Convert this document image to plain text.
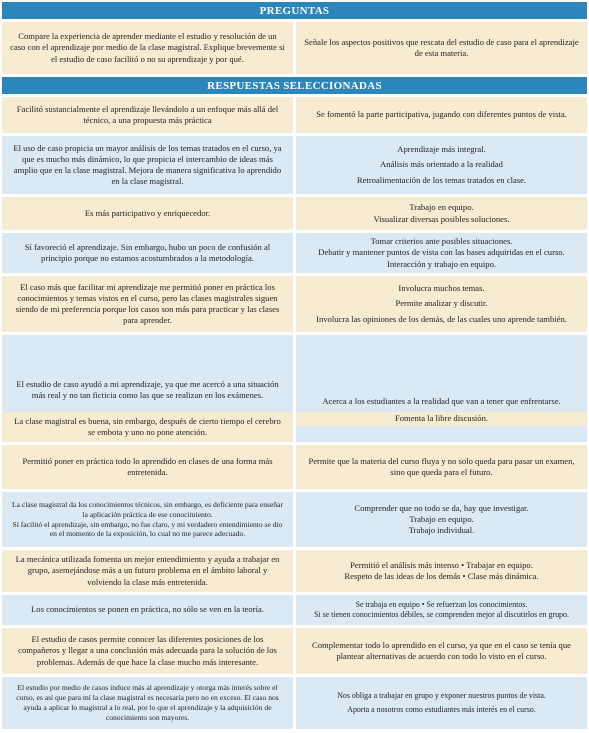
PREGUNTAS

Compare la experiencia de aprender mediante el estudio y resolución de un caso con el aprendizaje por medio de la clase magistral. Explique brevemente si el estudio de caso facilitó o no su aprendizaje y por qué.

Señale los aspectos positivos que rescata del estudio de caso para el aprendizaje de esta materia.

RESPUESTAS SELECCIONADAS

Facilitó sustancialmente el aprendizaje llevándolo a un enfoque más allá del técnico, a una propuesta más práctica

Se fomentó la parte participativa, jugando con diferentes puntos de vista.

El uso de caso propicia un mayor análisis de los temas tratados en el curso, ya que es mucho más dinámico, lo que propicia el intercambio de ideas más amplio que en la clase magistral. Mejora de manera significativa lo aprendido en la clase magistral.

Aprendizaje más integral.

Análisis más orientado a la realidad

Retroalimentación de los temas tratados en clase.

Es más participativo y enriquecedor.

Trabajo en equipo.

Visualizar diversas posibles soluciones.

Sí favoreció el aprendizaje. Sin embargo, hubo un poco de confusión al principio porque no estamos acostumbrados a la metodología.

Tomar criterios ante posibles situaciones.

Debatir y mantener puntos de vista con las bases adquiridas en el curso.

Interacción y trabajo en equipo.

El caso más que facilitar mi aprendizaje me permitió poner en práctica los conocimientos y temas vistos en el curso, pero las clases magistrales siguen siendo de mi preferencia porque los casos son más para practicar y las clases para aprender.

Involucra muchos temas.

Permite analizar y discutir.

Involucra las opiniones de los demás, de las cuales uno aprende también.

El estudio de caso ayudó a mi aprendizaje, ya que me acercó a una situación más real y no tan ficticia como las que se realizan en los exámenes.
La clase magistral es buena, sin embargo, después de cierto tiempo el cerebro se embota y uno no pone atención.
Acerca a los estudiantes a la realidad que van a tener que enfrentarse.
Fomenta la libre discusión.

Permitió poner en práctica todo lo aprendido en clases de una forma más entretenida.

Permite que la materia del curso fluya y no solo queda para pasar un examen, sino que queda para el futuro.

La clase magistral da los conocimientos técnicos, sin embargo, es deficiente para enseñar la aplicación práctica de ese conocimiento.

Sí facilitó el aprendizaje, sin embargo, no fue claro, y mi verdadero entendimiento se dio en el momento de la exposición, lo cual no me parece adecuado.

Comprender que no todo se da, hay que investigar.

Trabajo en equipo.

Trabajo individual.

La mecánica utilizada fomenta un mejor entendimiento y ayuda a trabajar en grupo, asemejándose más a un futuro problema en el ámbito laboral y volviendo la clase más entretenida.

Permitió el análisis más intenso • Trabajar en equipo.

Respeto de las ideas de los demás • Clase más dinámica.

Los conocimientos se ponen en práctica, no sólo se ven en la teoría.

Se trabaja en equipo • Se refuerzan los conocimientos.

Si se tienen conocimientos débiles, se comprenden mejor al discutirlos en grupo.

El estudio de casos permite conocer las diferentes posiciones de los compañeros y llegar a una conclusión más adecuada para la solución de los problemas. Además de que hace la clase mucho más interesante.

Complementar todo lo aprendido en el curso, ya que en el caso se tenía que plantear alternativas de acuerdo con todo lo visto en el curso.

El estudio por medio de casos induce más al aprendizaje y otorga más interés sobre el curso, es así que para mí la clase magistral es necesaria pero no en exceso. El caso nos ayuda a aplicar lo magistral a lo real, por lo que el aprendizaje y la adquisición de conocimiento son mayores.

Nos obliga a trabajar en grupo y exponer nuestros puntos de vista.

Aporta a nosotros como estudiantes más interés en el curso.
